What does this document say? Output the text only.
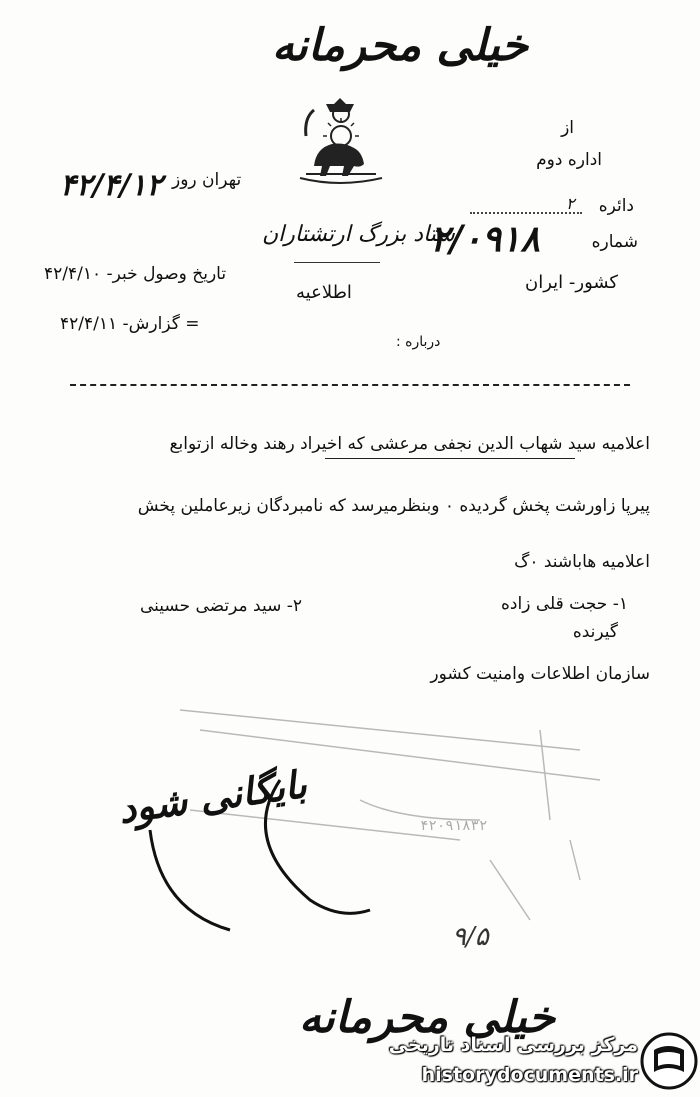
خیلی محرمانه
از
اداره دوم
دائره
۲
شماره
۲/۰۹۱۸
کشور- ایران
تهران روز
۴۲/۴/۱۲
تاریخ وصول خبر- ۴۲/۴/۱۰
= گزارش- ۴۲/۴/۱۱
ستاد بزرگ ارتشتاران
اطلاعیه
درباره :
اعلامیه سید شهاب الدین نجفی مرعشی که اخیراد رهند وخاله ازتوابع
پیرپا زاورشت پخش گردیده ۰ وبنظرمیرسد که نامبردگان زیرعاملین پخش
اعلامیه هاباشند ۰گ
۱- حجت قلی زاده
۲- سید مرتضی حسینی
گیرنده
سازمان اطلاعات وامنیت کشور
۴۲۰۹۱۸۳۲
بایگانی شود
۹/۵
خیلی محرمانه
مرکز بررسی اسناد تاریخی
historydocuments.ir
